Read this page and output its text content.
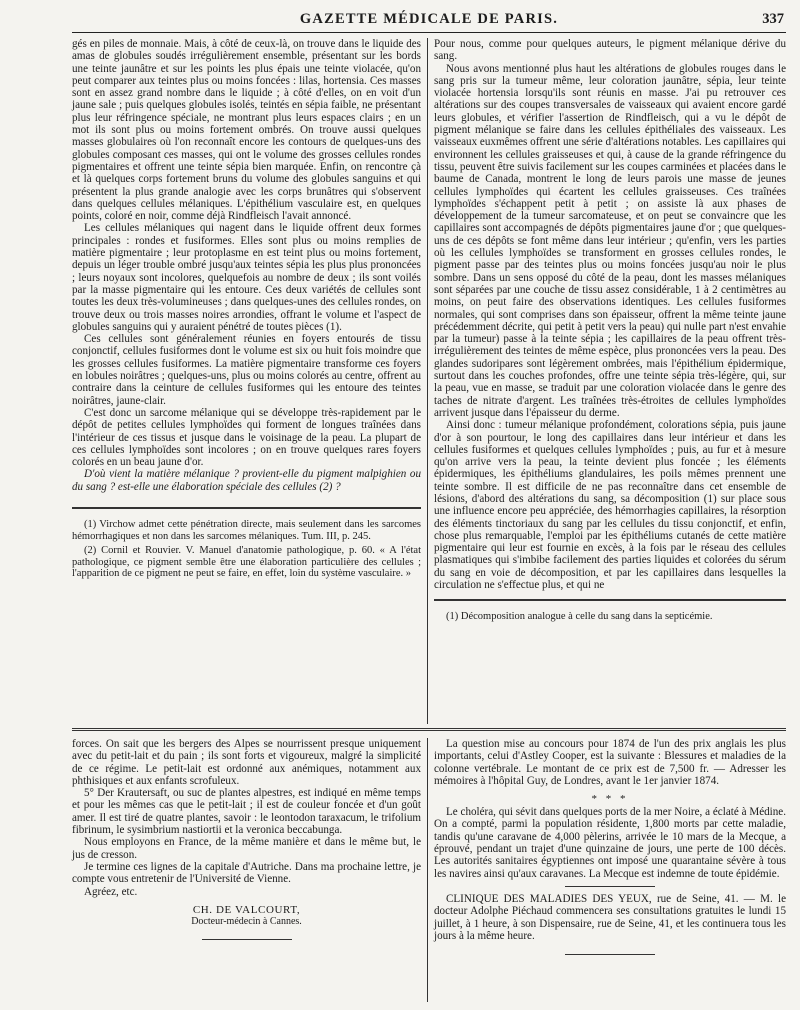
GAZETTE MÉDICALE DE PARIS.	337

gés en piles de monnaie. Mais, à côté de ceux-là, on trouve dans le liquide des amas de globules soudés irrégulièrement ensemble, présentant sur les bords une teinte jaunâtre et sur les points les plus épais une teinte violacée, qu'on peut comparer aux teintes plus ou moins foncées : lilas, hortensia. Ces masses sont en assez grand nombre dans le liquide ; à côté d'elles, on en voit d'un jaune sale ; puis quelques globules isolés, teintés en sépia faible, ne présentant plus leur réfringence spéciale, ne montrant plus leurs espaces clairs ; en un mot ils sont plus ou moins fortement ombrés. On trouve aussi quelques masses globulaires où l'on reconnaît encore les contours de quelques-uns des globules composant ces masses, qui ont le volume des grosses cellules rondes pigmentaires et offrent une teinte sépia bien marquée. Enfin, on rencontre çà et là quelques corps fortement bruns du volume des globules sanguins et qui présentent la plus grande analogie avec les corps brunâtres qui s'observent dans quelques cellules mélaniques. L'épithélium vasculaire est, en quelques points, coloré en noir, comme déjà Rindfleisch l'avait annoncé.

Les cellules mélaniques qui nagent dans le liquide offrent deux formes principales : rondes et fusiformes. Elles sont plus ou moins remplies de matière pigmentaire ; leur protoplasme en est teint plus ou moins fortement, depuis un léger trouble ombré jusqu'aux teintes sépia les plus plus prononcées ; leurs noyaux sont incolores, quelquefois au nombre de deux ; ils sont voilés par la masse pigmentaire qui les entoure. Ces deux variétés de cellules sont toutes les deux très-volumineuses ; dans quelques-unes des cellules rondes, on trouve deux ou trois masses noires arrondies, offrant le volume et l'aspect de globules sanguins qui y auraient pénétré de toutes pièces (1).

Ces cellules sont généralement réunies en foyers entourés de tissu conjonctif, cellules fusiformes dont le volume est six ou huit fois moindre que les grosses cellules fusiformes. La matière pigmentaire transforme ces foyers en lobules noirâtres ; quelques-uns, plus ou moins colorés au centre, offrent au contraire dans la ceinture de cellules fusiformes qui les entoure des teintes noirâtres, jaune-clair.

C'est donc un sarcome mélanique qui se développe très-rapidement par le dépôt de petites cellules lymphoïdes qui forment de longues traînées dans l'intérieur de ces tissus et jusque dans le voisinage de la peau. La plupart de ces cellules lymphoïdes sont incolores ; on en trouve quelques rares foyers colorés en un beau jaune d'or.

D'où vient la matière mélanique ? provient-elle du pigment malpighien ou du sang ? est-elle une élaboration spéciale des cellules (2) ?

(1) Virchow admet cette pénétration directe, mais seulement dans les sarcomes hémorrhagiques et non dans les sarcomes mélaniques. Tum. III, p. 245.

(2) Cornil et Rouvier. V. Manuel d'anatomie pathologique, p. 60. « A l'état pathologique, ce pigment semble être une élaboration particulière des cellules ; l'apparition de ce pigment ne peut se faire, en effet, loin du système vasculaire. »

Pour nous, comme pour quelques auteurs, le pigment mélanique dérive du sang.

Nous avons mentionné plus haut les altérations de globules rouges dans le sang pris sur la tumeur même, leur coloration jaunâtre, sépia, leur teinte violacée hortensia lorsqu'ils sont réunis en masse. J'ai pu retrouver ces altérations sur des coupes transversales de vaisseaux qui avaient encore gardé leurs globules, et vérifier l'assertion de Rindfleisch, qui a vu le dépôt de pigment mélanique se faire dans les cellules épithéliales des vaisseaux. Les vaisseaux euxmêmes offrent une série d'altérations notables. Les capillaires qui environnent les cellules graisseuses et qui, à cause de la grande réfringence du tissu, peuvent être suivis facilement sur les coupes carminées et placées dans le baume de Canada, montrent le long de leurs parois une masse de jeunes cellules lymphoïdes qui écartent les cellules graisseuses. Ces traînées lymphoïdes s'échappent petit à petit ; on assiste là aux phases de développement de la tumeur sarcomateuse, et on peut se convaincre que les capillaires sont accompagnés de dépôts pigmentaires jaune d'or ; que quelques-uns de ces dépôts se font même dans leur intérieur ; qu'enfin, vers les parties où les cellules lymphoïdes se transforment en grosses cellules rondes, le pigment passe par des teintes plus ou moins foncées jusqu'au noir le plus sombre. Dans un sens opposé du côté de la peau, dont les masses mélaniques sont séparées par une couche de tissu assez considérable, 1 à 2 centimètres au moins, on peut faire des observations identiques. Les cellules fusiformes normales, qui sont comprises dans son épaisseur, offrent la même teinte jaune précédemment décrite, qui petit à petit vers la peau) qui nulle part n'est envahie par la tumeur) passe à la teinte sépia ; les capillaires de la peau offrent très-irrégulièrement des teintes de même espèce, plus prononcées vers la peau. Des glandes sudoripares sont légèrement ombrées, mais l'épithélium épidermique, surtout dans les couches profondes, offre une teinte sépia très-légère, qui, sur la peau, vue en masse, se traduit par une coloration violacée dans le genre des taches de nitrate d'argent. Les traînées très-étroites de cellules lymphoïdes arrivent jusque dans l'épaisseur du derme.

Ainsi donc : tumeur mélanique profondément, colorations sépia, puis jaune d'or à son pourtour, le long des capillaires dans leur intérieur et dans les cellules fusiformes et quelques cellules lymphoïdes ; puis, au fur et à mesure qu'on arrive vers la peau, la teinte devient plus foncée ; les éléments épidermiques, les épithéliums glandulaires, les poils mêmes prennent une teinte sombre. Il est difficile de ne pas reconnaître dans cet ensemble de lésions, d'abord des altérations du sang, sa décomposition (1) sur place sous une influence encore peu appréciée, des hémorrhagies capillaires, la résorption des éléments tinctoriaux du sang par les cellules du tissu conjonctif, et enfin, chose plus remarquable, l'emploi par les épithéliums cutanés de cette matière pigmentaire qui leur est fournie en excès, à la fois par le réseau des cellules plasmatiques qui s'imbibe facilement des parties liquides et colorées du sérum du sang en voie de décomposition, et par les capillaires dans lesquelles la circulation ne s'effectue plus, et qui ne

(1) Décomposition analogue à celle du sang dans la septicémie.

forces. On sait que les bergers des Alpes se nourrissent presque uniquement avec du petit-lait et du pain ; ils sont forts et vigoureux, malgré la simplicité de ce régime. Le petit-lait est ordonné aux anémiques, notamment aux phthisiques et aux enfants scrofuleux.

5° Der Krautersaft, ou suc de plantes alpestres, est indiqué en même temps et pour les mêmes cas que le petit-lait ; il est de couleur foncée et d'un goût amer. Il est tiré de quatre plantes, savoir : le leontodon taraxacum, le trifolium fibrinum, le sysimbrium nastiortii et la veronica beccabunga.

Nous employons en France, de la même manière et dans le même but, le jus de cresson.

Je termine ces lignes de la capitale d'Autriche. Dans ma prochaine lettre, je compte vous entretenir de l'Université de Vienne.

Agréez, etc.

CH. DE VALCOURT,
Docteur-médecin à Cannes.

La question mise au concours pour 1874 de l'un des prix anglais les plus importants, celui d'Astley Cooper, est la suivante : Blessures et maladies de la colonne vertébrale. Le montant de ce prix est de 7,500 fr. — Adresser les mémoires à l'hôpital Guy, de Londres, avant le 1er janvier 1874.

* * *

Le choléra, qui sévit dans quelques ports de la mer Noire, a éclaté à Médine. On a compté, parmi la population résidente, 1,800 morts par cette maladie, tandis qu'une caravane de 4,000 pèlerins, arrivée le 10 mars de la Mecque, a éprouvé, pendant un trajet d'une quinzaine de jours, une perte de 100 décès. Les autorités sanitaires égyptiennes ont imposé une quarantaine sévère à tous les navires ainsi qu'aux caravanes. La Mecque est indemne de toute épidémie.

CLINIQUE DES MALADIES DES YEUX, rue de Seine, 41. — M. le docteur Adolphe Piéchaud commencera ses consultations gratuites le lundi 15 juillet, à 1 heure, à son Dispensaire, rue de Seine, 41, et les continuera tous les jours à la même heure.
